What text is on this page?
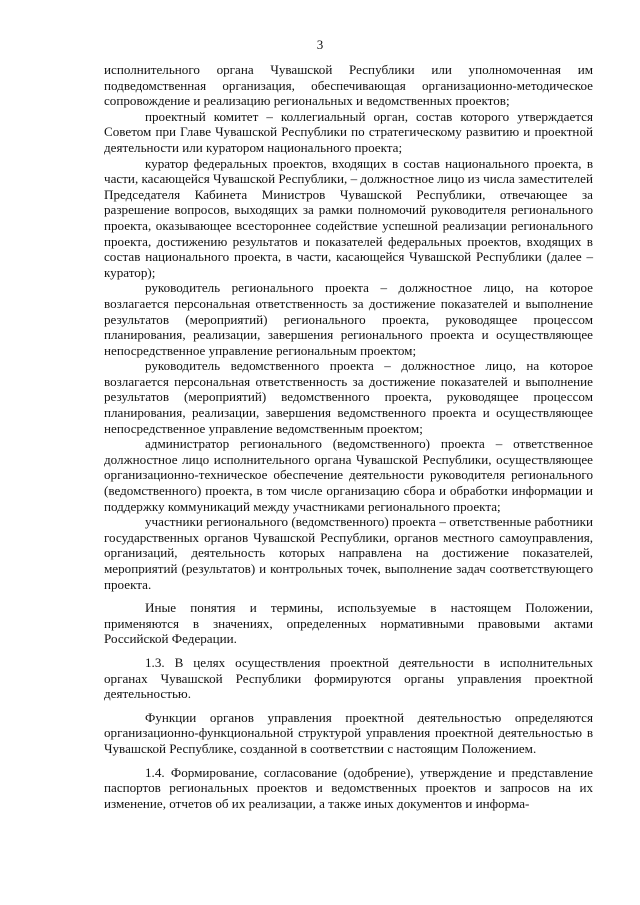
3

исполнительного органа Чувашской Республики или уполномоченная им подведомственная организация, обеспечивающая организационно-методическое сопровождение и реализацию региональных и ведомственных проектов;

проектный комитет – коллегиальный орган, состав которого утверждается Советом при Главе Чувашской Республики по стратегическому развитию и проектной деятельности или куратором национального проекта;

куратор федеральных проектов, входящих в состав национального проекта, в части, касающейся Чувашской Республики, – должностное лицо из числа заместителей Председателя Кабинета Министров Чувашской Республики, отвечающее за разрешение вопросов, выходящих за рамки полномочий руководителя регионального проекта, оказывающее всестороннее содействие успешной реализации регионального проекта, достижению результатов и показателей федеральных проектов, входящих в состав национального проекта, в части, касающейся Чувашской Республики (далее – куратор);

руководитель регионального проекта – должностное лицо, на которое возлагается персональная ответственность за достижение показателей и выполнение результатов (мероприятий) регионального проекта, руководящее процессом планирования, реализации, завершения регионального проекта и осуществляющее непосредственное управление региональным проектом;

руководитель ведомственного проекта – должностное лицо, на которое возлагается персональная ответственность за достижение показателей и выполнение результатов (мероприятий) ведомственного проекта, руководящее процессом планирования, реализации, завершения ведомственного проекта и осуществляющее непосредственное управление ведомственным проектом;

администратор регионального (ведомственного) проекта – ответственное должностное лицо исполнительного органа Чувашской Республики, осуществляющее организационно-техническое обеспечение деятельности руководителя регионального (ведомственного) проекта, в том числе организацию сбора и обработки информации и поддержку коммуникаций между участниками регионального проекта;

участники регионального (ведомственного) проекта – ответственные работники государственных органов Чувашской Республики, органов местного самоуправления, организаций, деятельность которых направлена на достижение показателей, мероприятий (результатов) и контрольных точек, выполнение задач соответствующего проекта.

Иные понятия и термины, используемые в настоящем Положении, применяются в значениях, определенных нормативными правовыми актами Российской Федерации.

1.3. В целях осуществления проектной деятельности в исполнительных органах Чувашской Республики формируются органы управления проектной деятельностью.

Функции органов управления проектной деятельностью определяются организационно-функциональной структурой управления проектной деятельностью в Чувашской Республике, созданной в соответствии с настоящим Положением.

1.4. Формирование, согласование (одобрение), утверждение и представление паспортов региональных проектов и ведомственных проектов и запросов на их изменение, отчетов об их реализации, а также иных документов и информа-
